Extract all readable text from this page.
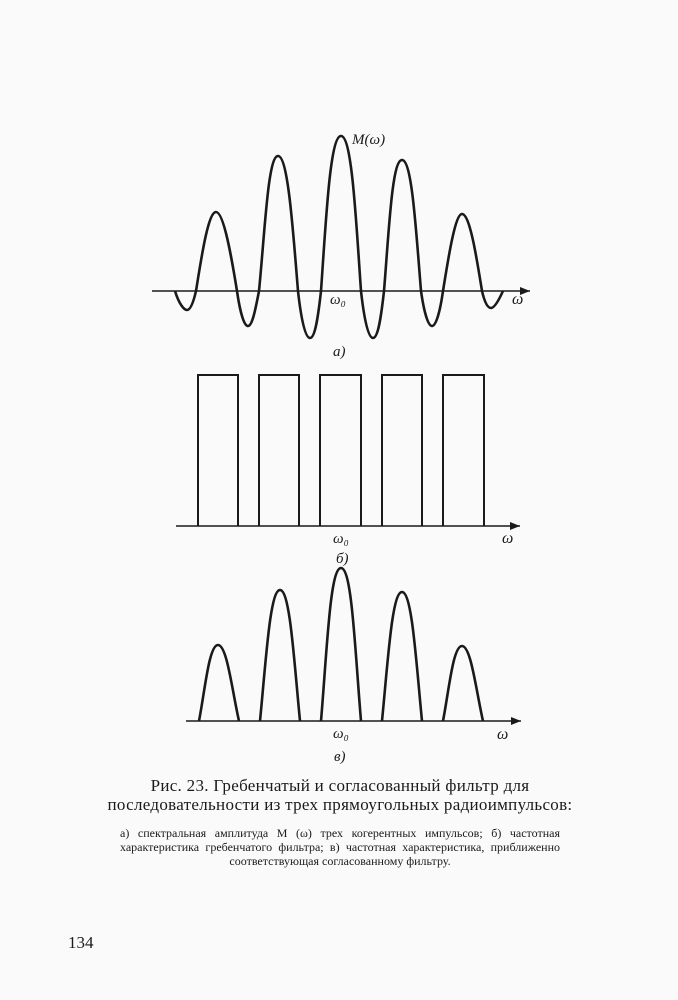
M(ω)
ω₀	ω
а)
ω₀	ω
б)
ω₀	ω
в)
Рис. 23. Гребенчатый и согласованный фильтр для последовательности из трех прямоугольных радиоимпульсов:
а) спектральная амплитуда M (ω) трех когерентных импульсов; б) частотная характеристика гребенчатого фильтра; в) частотная характеристика, приближенно соответствующая согласованному фильтру.
134
